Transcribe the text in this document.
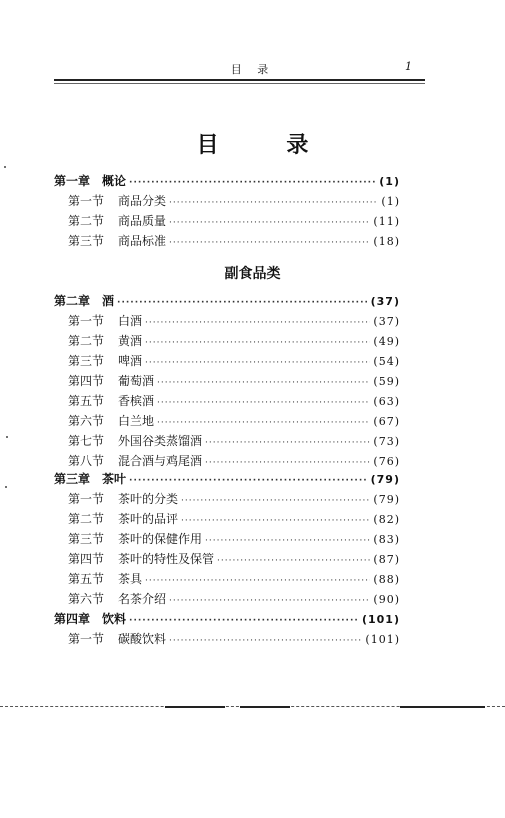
目 录	1
目 录
副食品类
第一章 概论 ·····	(1)
第一节 商品分类 ·····	(1)
第二节 商品质量 ·····	(11)
第三节 商品标准 ·····	(18)
第二章 酒 ·····	(37)
第一节 白酒 ·····	(37)
第二节 黄酒 ·····	(49)
第三节 啤酒 ·····	(54)
第四节 葡萄酒 ·····	(59)
第五节 香槟酒 ·····	(63)
第六节 白兰地 ·····	(67)
第七节 外国谷类蒸馏酒 ·····	(73)
第八节 混合酒与鸡尾酒 ·····	(76)
第三章 茶叶 ·····	(79)
第一节 茶叶的分类 ·····	(79)
第二节 茶叶的品评 ·····	(82)
第三节 茶叶的保健作用 ·····	(83)
第四节 茶叶的特性及保管 ·····	(87)
第五节 茶具 ·····	(88)
第六节 名茶介绍 ·····	(90)
第四章 饮料 ·····	(101)
第一节 碳酸饮料 ·····	(101)
